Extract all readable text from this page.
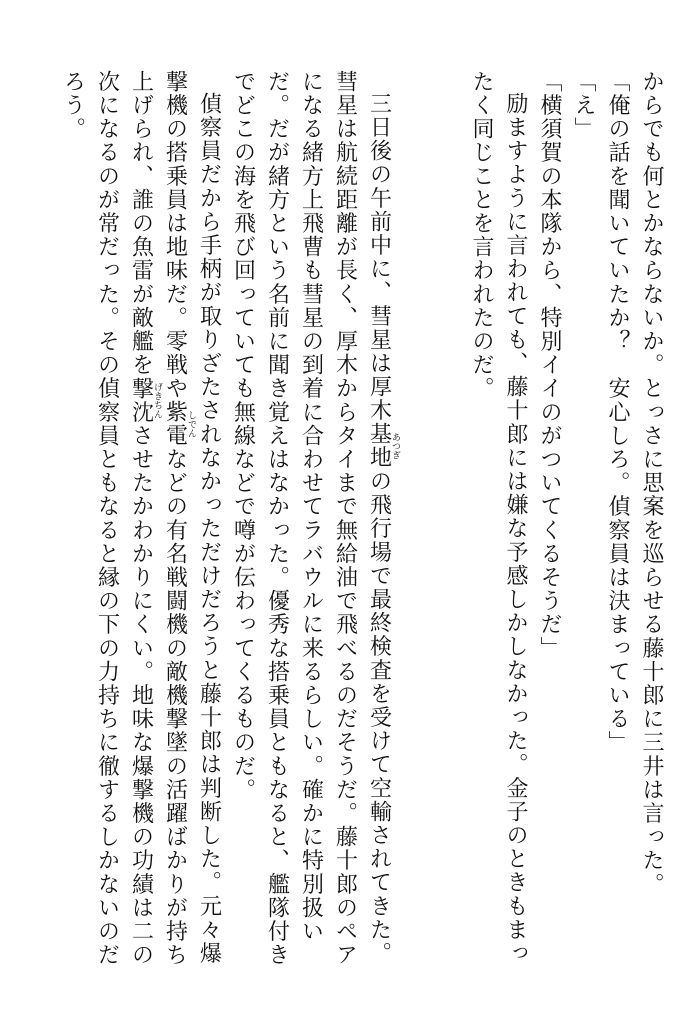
からでも何とかならないか。とっさに思案を巡らせる藤十郎に三井は言った。

「俺の話を聞いていたか？　安心しろ。偵察員は決まっている」

「え」

「横須賀の本隊から、特別イイのがついてくるそうだ」

励ますように言われても、藤十郎には嫌な予感しかしなかった。金子のときもまったく同じことを言われたのだ。

三日後の午前中に、彗星は厚木基地あつぎの飛行場で最終検査を受けて空輸されてきた。彗星は航続距離が長く、厚木からタイまで無給油で飛べるのだそうだ。藤十郎のペアになる緒方上飛曹も彗星の到着に合わせてラバウルに来るらしい。確かに特別扱いだ。だが緒方という名前に聞き覚えはなかった。優秀な搭乗員ともなると、艦隊付きでどこの海を飛び回っていても無線などで噂が伝わってくるものだ。

偵察員だから手柄が取りざたされなかっただけだろうと藤十郎は判断した。元々爆撃機の搭乗員は地味だ。零戦や紫電しでんなどの有名戦闘機の敵機撃墜の活躍ばかりが持ち上げられ、誰の魚雷が敵艦を撃沈げきちんさせたかわかりにくい。地味な爆撃機の功績は二の次になるのが常だった。その偵察員ともなると縁の下の力持ちに徹するしかないのだろう。
